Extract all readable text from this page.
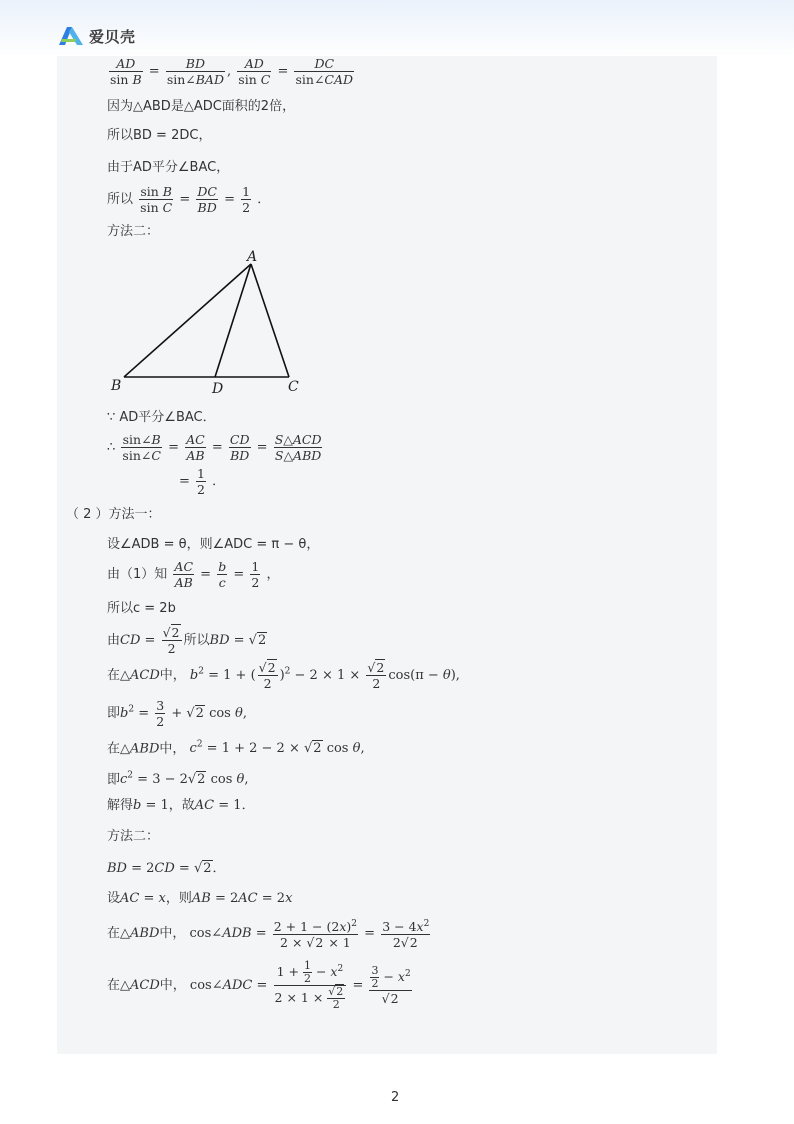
爱贝壳
$\frac{AD}{\text{sin B}}$ =
BD
sin∠BAD
, $\frac{AD}{\text{sin C}}$ =
DC
sin∠CAD
因为△ABD是△ADC面积的2倍，
所以BD = 2DC，
由于AD平分∠BAC，
所以 $\frac{\text{sin B}}{\text{sin C}} = \frac{DC}{BD} = \frac{1}{2}$ ．
方法二：
A
B	D	C
∵ AD平分∠BAC．
∴ $\frac{\sin\angle B}{\sin\angle C} = \frac{AC}{AB} = \frac{CD}{BD}$ =
S△ACD
S△ABD
= $\frac{1}{2}$ ．
（ 2 ）方法一：
设∠ADB = θ，则∠ADC = π − θ，
由（1）知 $\frac{AC}{AB} = \frac{b}{c} = \frac{1}{2}$ ，
所以c = 2b
由CD = $\frac{√2}{2}$ 所以BD = √2
在△ACD中， $b^2 = 1$ + ( $\frac{√2}{2} )^2 - 2 \times 1 \times \frac{√2}{2} \cos(\pi - \theta)$,
即$b^2 = \frac{3}{2} + √2$ cos θ,
在△ABD中， $c^2 = 1 + 2 - 2 \times √2$ cos θ,
即$c^2 = 3 - 2√2$ cos θ,
解得b = 1，故AC = 1．
方法二：
BD = 2CD = √2．
设AC = x，则AB = 2AC = 2x
在△ABD中， cos∠ADB = $\frac{2 + 1 - (2x)^2}{2 \times √2 \times 1} = \frac{3 - 4x^2}{2√2}$
在△ACD中， cos∠ADC = $\frac{1 + \frac{1}{2} - x^2}{2 \times 1 \times \frac{√2}{2}} = \frac{\frac{3}{2} - x^2}{√2}$
2
